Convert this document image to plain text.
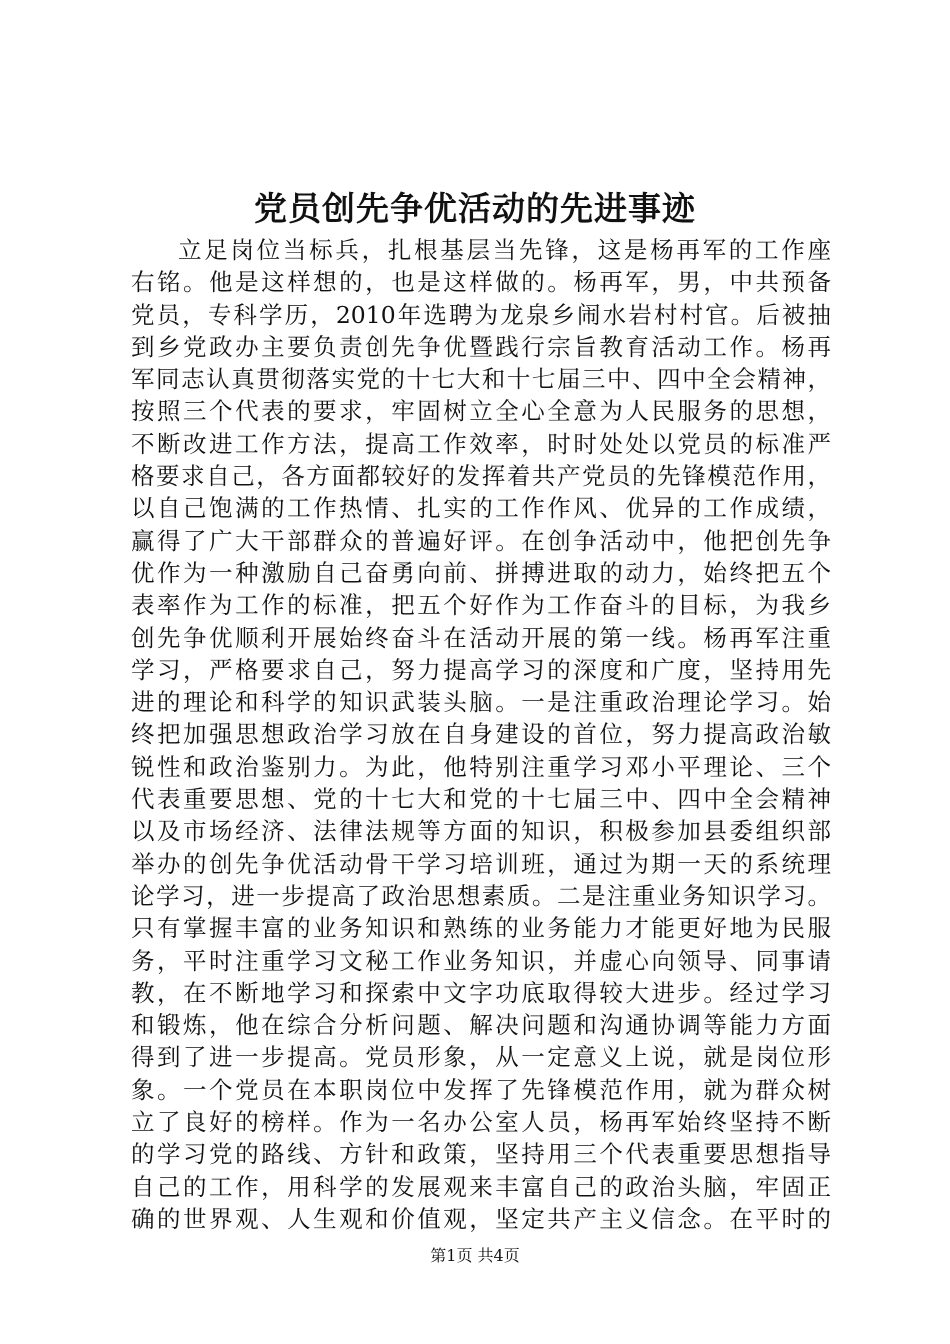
党员创先争优活动的先进事迹
立足岗位当标兵，扎根基层当先锋，这是杨再军的工作座
右铭。他是这样想的，也是这样做的。杨再军，男，中共预备
党员，专科学历，2010年选聘为龙泉乡闹水岩村村官。后被抽
到乡党政办主要负责创先争优暨践行宗旨教育活动工作。杨再
军同志认真贯彻落实党的十七大和十七届三中、四中全会精神，
按照三个代表的要求，牢固树立全心全意为人民服务的思想，
不断改进工作方法，提高工作效率，时时处处以党员的标准严
格要求自己，各方面都较好的发挥着共产党员的先锋模范作用，
以自己饱满的工作热情、扎实的工作作风、优异的工作成绩，
赢得了广大干部群众的普遍好评。在创争活动中，他把创先争
优作为一种激励自己奋勇向前、拼搏进取的动力，始终把五个
表率作为工作的标准，把五个好作为工作奋斗的目标，为我乡
创先争优顺利开展始终奋斗在活动开展的第一线。杨再军注重
学习，严格要求自己，努力提高学习的深度和广度，坚持用先
进的理论和科学的知识武装头脑。一是注重政治理论学习。始
终把加强思想政治学习放在自身建设的首位，努力提高政治敏
锐性和政治鉴别力。为此，他特别注重学习邓小平理论、三个
代表重要思想、党的十七大和党的十七届三中、四中全会精神
以及市场经济、法律法规等方面的知识，积极参加县委组织部
举办的创先争优活动骨干学习培训班，通过为期一天的系统理
论学习，进一步提高了政治思想素质。二是注重业务知识学习。
只有掌握丰富的业务知识和熟练的业务能力才能更好地为民服
务，平时注重学习文秘工作业务知识，并虚心向领导、同事请
教，在不断地学习和探索中文字功底取得较大进步。经过学习
和锻炼，他在综合分析问题、解决问题和沟通协调等能力方面
得到了进一步提高。党员形象，从一定意义上说，就是岗位形
象。一个党员在本职岗位中发挥了先锋模范作用，就为群众树
立了良好的榜样。作为一名办公室人员，杨再军始终坚持不断
的学习党的路线、方针和政策，坚持用三个代表重要思想指导
自己的工作，用科学的发展观来丰富自己的政治头脑，牢固正
确的世界观、人生观和价值观，坚定共产主义信念。在平时的
第1页 共4页
